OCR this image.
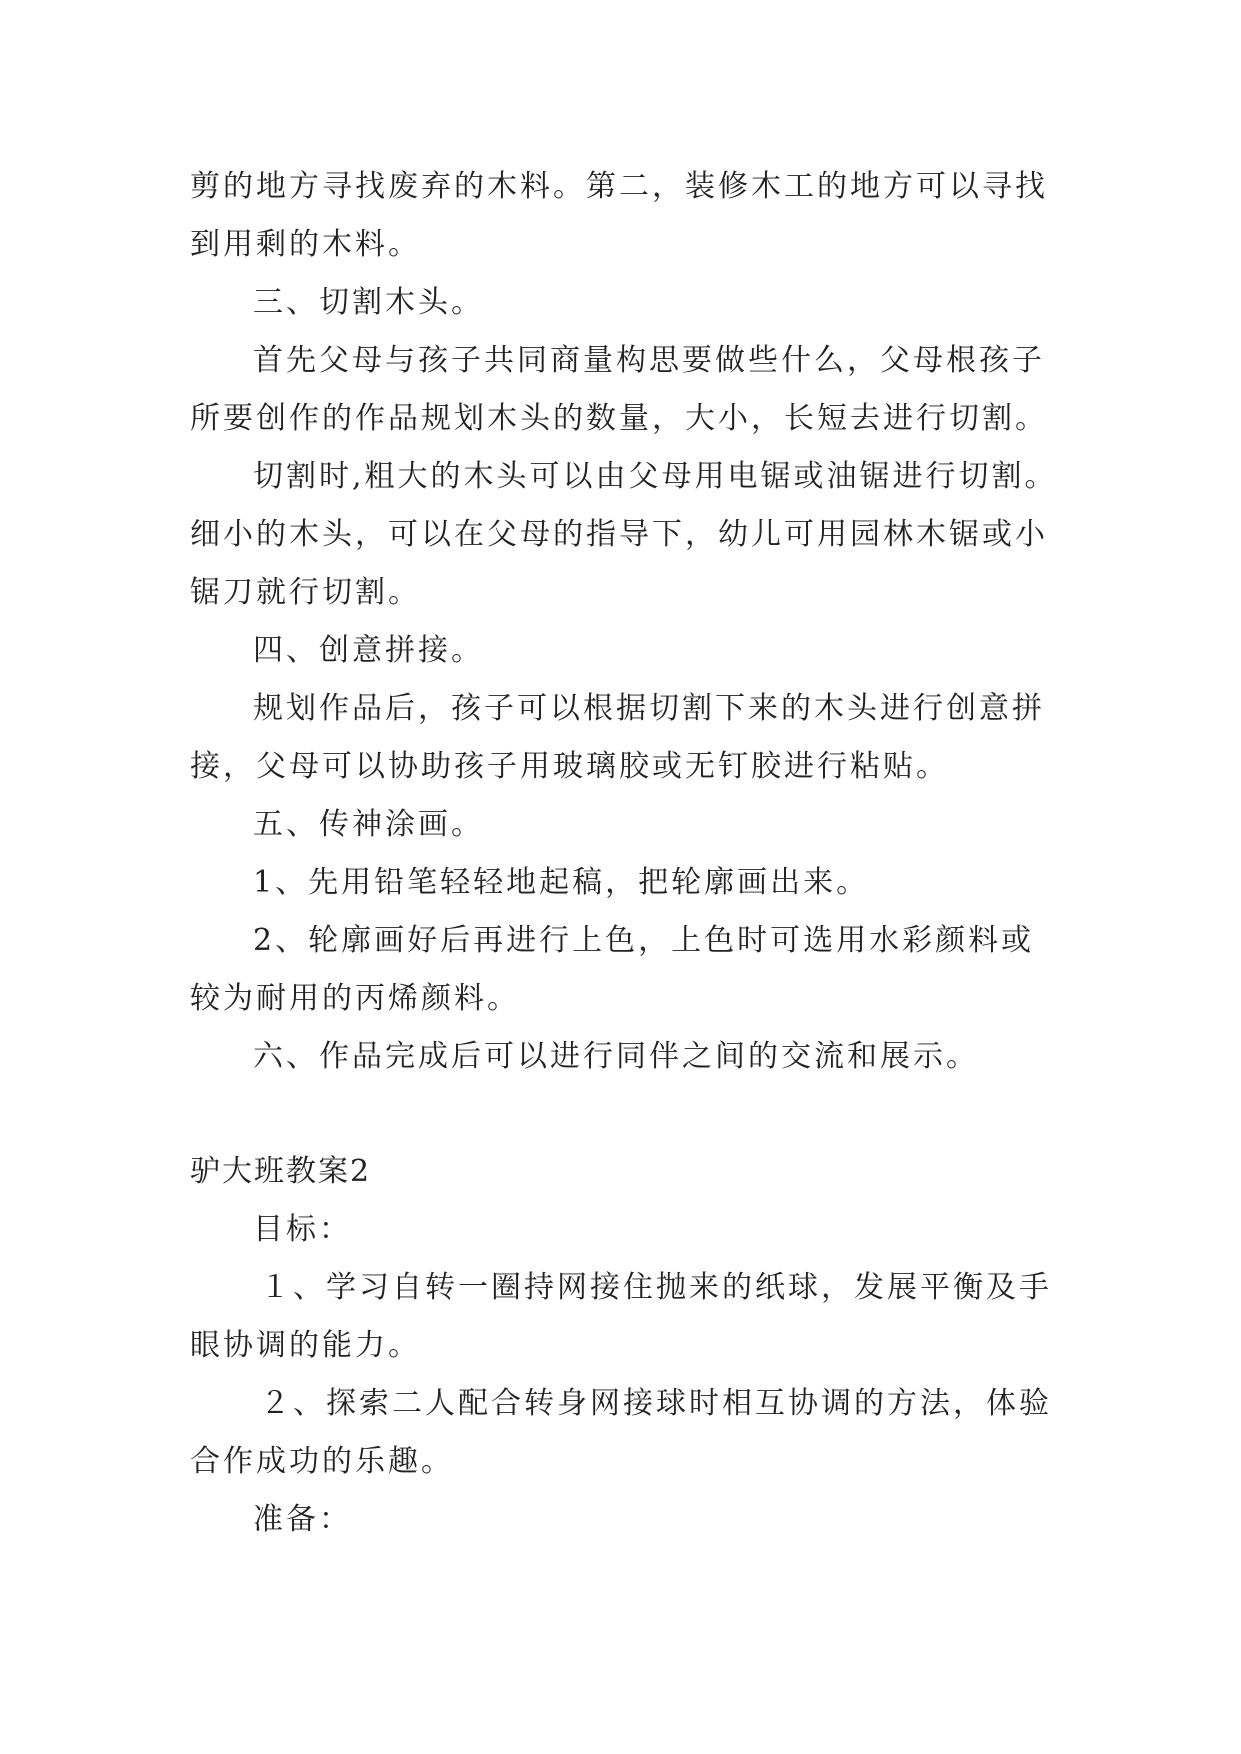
剪的地方寻找废弃的木料。第二，装修木工的地方可以寻找
到用剩的木料。
三、切割木头。
首先父母与孩子共同商量构思要做些什么，父母根孩子
所要创作的作品规划木头的数量，大小，长短去进行切割。
切割时,粗大的木头可以由父母用电锯或油锯进行切割。
细小的木头，可以在父母的指导下，幼儿可用园林木锯或小
锯刀就行切割。
四、创意拼接。
规划作品后，孩子可以根据切割下来的木头进行创意拼
接，父母可以协助孩子用玻璃胶或无钉胶进行粘贴。
五、传神涂画。
1、先用铅笔轻轻地起稿，把轮廓画出来。
2、轮廓画好后再进行上色，上色时可选用水彩颜料或
较为耐用的丙烯颜料。
六、作品完成后可以进行同伴之间的交流和展示。
驴大班教案2
目标：
１、学习自转一圈持网接住抛来的纸球，发展平衡及手
眼协调的能力。
２、探索二人配合转身网接球时相互协调的方法，体验
合作成功的乐趣。
准备：
